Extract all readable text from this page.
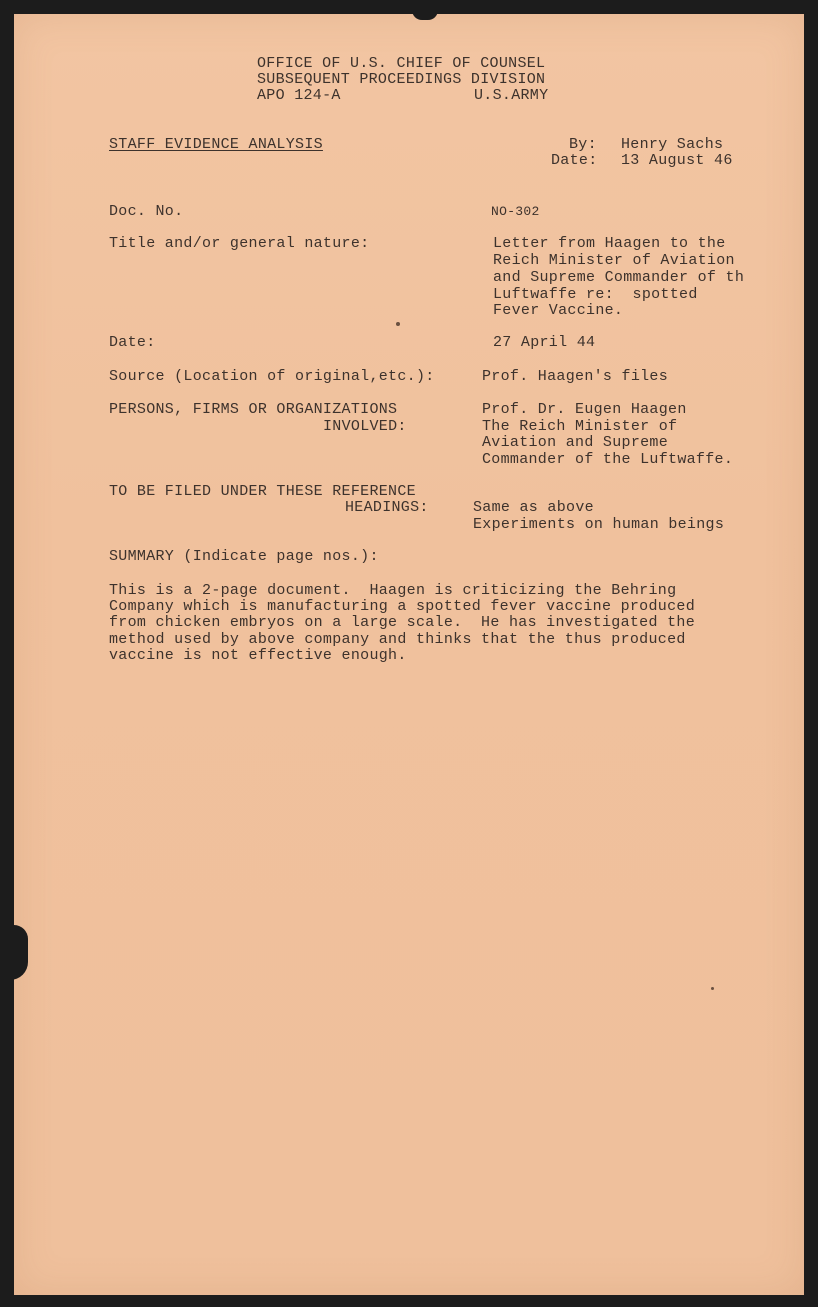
OFFICE OF U.S. CHIEF OF COUNSEL
SUBSEQUENT PROCEEDINGS DIVISION
APO 124-A	U.S.ARMY
STAFF EVIDENCE ANALYSIS	By: Henry Sachs
Date: 13 August 46
Doc. No.	NO-302
Title and/or general nature:	Letter from Haagen to the
Reich Minister of Aviation
and Supreme Commander of th
Luftwaffe re:  spotted
Fever Vaccine.
Date:	27 April 44
Source (Location of original,etc.):	Prof. Haagen's files
PERSONS, FIRMS OR ORGANIZATIONS
INVOLVED:
Prof. Dr. Eugen Haagen
The Reich Minister of
Aviation and Supreme
Commander of the Luftwaffe.
TO BE FILED UNDER THESE REFERENCE
HEADINGS:	Same as above
Experiments on human beings
SUMMARY (Indicate page nos.):
This is a 2-page document.  Haagen is criticizing the Behring
Company which is manufacturing a spotted fever vaccine produced
from chicken embryos on a large scale.  He has investigated the
method used by above company and thinks that the thus produced
vaccine is not effective enough.
